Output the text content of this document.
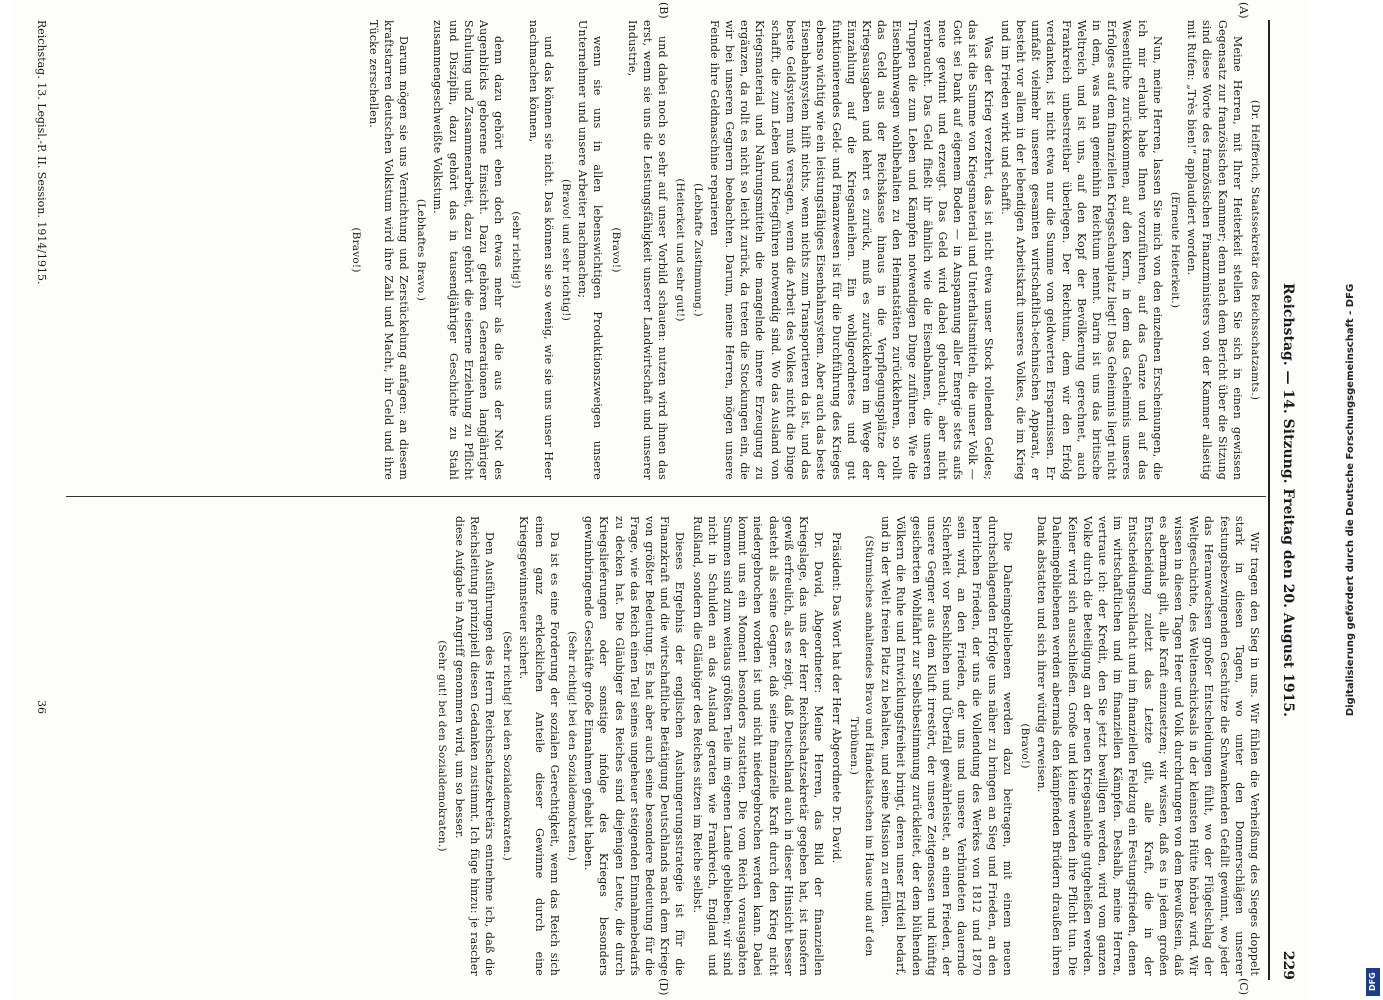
Reichstag. — 14. Sitzung. Freitag den 20. August 1915.
229
(A)
(B)
(C)
(D)

(Dr. Helfferich, Staatssekretär des Reichsschatzamts.)

Meine Herren, mit Ihrer Heiterkeit stellen Sie sich in einen gewissen Gegensatz zur französischen Kammer; denn nach dem Bericht über die Sitzung sind diese Worte des französischen Finanzministers von der Kammer allseitig mit Rufen: „Très bien!“ applaudiert worden.

(Erneute Heiterkeit.)

Nun, meine Herren, lassen Sie mich von den einzelnen Erscheinungen, die ich mir erlaubt habe Ihnen vorzuführen, auf das Ganze und auf das Wesentliche zurückkommen, auf den Kern, in dem das Geheimnis unseres Erfolges auf dem finanziellen Kriegsschauplatz liegt! Das Geheimnis liegt nicht in dem, was man gemeinhin Reichtum nennt. Darin ist uns das britische Weltreich und ist uns, auf den Kopf der Bevölkerung gerechnet, auch Frankreich unbestreitbar überlegen. Der Reichtum, dem wir den Erfolg verdanken, ist nicht etwa nur die Summe von geldwerten Ersparnissen. Er umfaßt vielmehr unseren gesamten wirtschaftlich-technischen Apparat, er besteht vor allem in der lebendigen Arbeitskraft unseres Volkes, die im Krieg und im Frieden wirkt und schafft.

Was der Krieg verzehrt, das ist nicht etwa unser Stock rollenden Geldes; das ist die Summe von Kriegsmaterial und Unterhaltsmitteln, die unser Volk — Gott sei Dank auf eigenem Boden — in Anspannung aller Energie stets aufs neue gewinnt und erzeugt. Das Geld wird dabei gebraucht, aber nicht verbraucht. Das Geld fließt ihr ähnlich wie die Eisenbahnen, die unseren Truppen die zum Leben und Kämpfen notwendigen Dinge zuführen. Wie die Eisenbahnwagen wohlbehalten zu den Heimatstätten zurückkehren, so rollt das Geld aus der Reichskasse hinaus in die Verpflegungsplätze der Kriegsausgaben und kehrt es zurück, muß es zurückkehren im Wege der Einzahlung auf die Kriegsanleihen. Ein wohlgeordnetes und gut funktionierendes Geld- und Finanzwesen ist für die Durchführung des Krieges ebenso wichtig wie ein leistungsfähiges Eisenbahnsystem. Aber auch das beste Eisenbahnsystem hilft nichts, wenn nichts zum Transportieren da ist, und das beste Geldsystem muß versagen, wenn die Arbeit des Volkes nicht die Dinge schafft, die zum Leben und Kriegführen notwendig sind. Wo das Ausland von Kriegsmaterial und Nahrungsmitteln die mangelnde innere Erzeugung zu ergänzen, da rollt es nicht so leicht zurück, da treten die Stockungen ein, die wir bei unseren Gegnern beobachten. Darum, meine Herren, mögen unsere Feinde ihre Geldmaschine reparieren

(Lebhafte Zustimmung.)

(Heiterkeit und sehr gut!)

und dabei noch so sehr auf unser Vorbild schauen: nutzen wird ihnen das erst, wenn sie uns die Leistungsfähigkeit unserer Landwirtschaft und unserer Industrie,

(Bravo!)

wenn sie uns in allen lebenswichtigen Produktionszweigen unsere Unternehmer und unsere Arbeiter nachmachen;

(Bravo! und sehr richtig!)

und das können sie nicht. Das können sie so wenig, wie sie uns unser Heer nachmachen können,

(sehr richtig!)

denn dazu gehört eben doch etwas mehr als die aus der Not des Augenblicks geborene Einsicht. Dazu gehören Generationen langjähriger Schulung und Zusammenarbeit, dazu gehört die eiserne Erziehung zu Pflicht und Disziplin, dazu gehört das in tausendjähriger Geschichte zu Stahl zusammengeschweißte Volkstum.

(Lebhaftes Bravo.)

Darum mögen sie uns Vernichtung und Zerstückelung anfagen: an diesem kraftstarren deutschen Volkstum wird ihre Zahl und Macht, ihr Geld und ihre Tücke zerschellen.

(Bravo!)

Wir tragen den Sieg in uns. Wir fühlen die Verheißung des Sieges doppelt stark in diesen Tagen, wo unter den Donnerschlägen unserer festungsbezwingenden Geschütze die Schwankenden Gefallt gewinnt, wo jeder das Heranwachsen großer Entscheidungen fühlt, wo der Flügelschlag der Weltgeschichte, des Weltenschicksals in der kleinsten Hütte hörbar wird. Wir wissen in diesen Tagen Heer und Volk durchdrungen von dem Bewußtsein, daß es abermals gilt, alle Kraft einzusetzen; wir wissen, daß es in jedem großen Entscheidung zuletzt das Letzte gilt, alle Kraft, die in der Entscheidungsschlacht und im finanziellen Feldzug ein Festungsfrieden, denen im wirtschaftlichen und im finanziellen Kämpfen. Deshalb, meine Herren, vertraue ich: der Kredit, den Sie jetzt bewilligen werden, wird vom ganzen Volke durch die Beteiligung an der neuen Kriegsanleihe gutgeheißen werden. Keiner wird sich ausschließen. Große und kleine werden ihre Pflicht tun. Die Daheimgebliebenen werden abermals den kämpfenden Brüdern draußen ihren Dank abstatten und sich ihrer würdig erweisen.

(Bravo!)

Die Daheimgebliebenen werden dazu beitragen, mit einem neuen durchschlagenden Erfolge uns näher zu bringen an Sieg und Frieden, an den herrlichen Frieden, der uns die Vollendung des Werkes von 1812 und 1870 sein wird, an den Frieden, der uns und unsere Verbündeten dauernde Sicherheit vor Beschlichen und Überfall gewährleistet, an einen Frieden, der unsere Gegner aus dem Kluft irrestört, der unsere Zeitgenossen und künftig gesicherten Wohlfahrt zur Selbstbestimmung zurückleitet, der dem blühenden Völkern die Ruhe und Entwicklungsfreiheit bringt, deren unser Erdteil bedarf, und in der Welt freien Platz zu behalten, und seine Mission zu erfüllen.

(Stürmisches anhaltendes Bravo und Händeklatschen im Hause und auf den Tribünen.)

Präsident: Das Wort hat der Herr Abgeordnete Dr. David.

Dr. David, Abgeordneter: Meine Herren, das Bild der finanziellen Kriegslage, das uns der Herr Reichsschatzsekretär gegeben hat, ist insofern gewiß erfreulich, als es zeigt, daß Deutschland auch in dieser Hinsicht besser dasteht als seine Gegner, daß seine finanzielle Kraft durch den Krieg nicht niedergebrochen worden ist und nicht niedergebrochen werden kann. Dabei kommt uns ein Moment besonders zustatten. Die vom Reich vorausgabten Summen sind zum weitaus größten Teile im eigenen Lande geblieben; wir sind nicht in Schulden an das Ausland geraten wie Frankreich, England und Rußland, sondern die Gläubiger des Reiches sitzen im Reiche selbst.

Dieses Ergebnis der englischen Aushungerungsstrategie ist für die Finanzkraft und die wirtschaftliche Betätigung Deutschlands nach dem Kriege von größter Bedeutung. Es hat aber auch seine besondere Bedeutung für die Frage, wie das Reich einen Teil seines ungeheuer steigenden Einnahmebedarfs zu decken hat. Die Gläubiger des Reiches sind diejenigen Leute, die durch Kriegslieferungen oder sonstige infolge des Krieges besonders gewinnbringende Geschäfte große Einnahmen gehabt haben.

(Sehr richtig! bei den Sozialdemokraten.)

Da ist es eine Forderung der sozialen Gerechtigkeit, wenn das Reich sich einen ganz erklecklichen Anteile dieser Gewinne durch eine Kriegsgewinnsteuer sichert.

(Sehr richtig! bei den Sozialdemokraten.)

Den Ausführungen des Herrn Reichsschatzsekretärs entnehme ich, daß die Reichsleitung prinzipiell diesen Gedanken zustimmt. Ich füge hinzu: je rascher diese Aufgabe in Angriff genommen wird, um so besser.

(Sehr gut! bei den Sozialdemokraten.)

Reichstag. 13. Legisl.-P. II. Session. 1914/1915.
36	Digitalisierung gefördert durch die Deutsche Forschungsgemeinschaft - DFG
DFG
